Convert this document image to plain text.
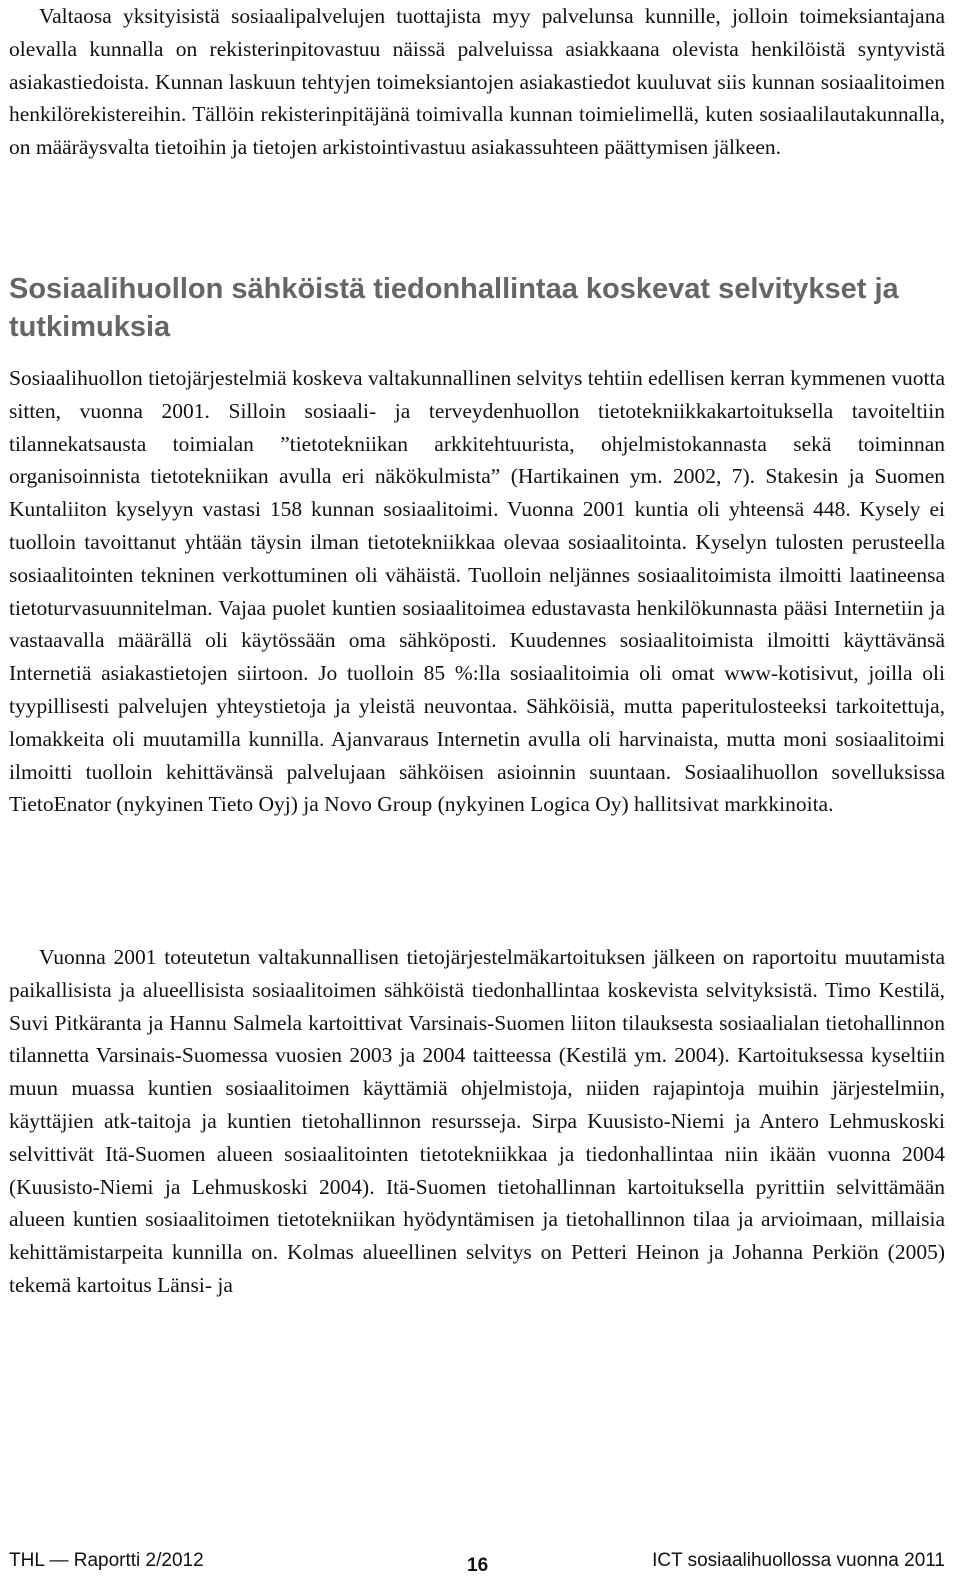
Valtaosa yksityisistä sosiaalipalvelujen tuottajista myy palvelunsa kunnille, jolloin toimeksiantajana olevalla kunnalla on rekisterinpitovastuu näissä palveluissa asiakkaana olevista henkilöistä syntyvistä asiakastiedoista. Kunnan laskuun tehtyjen toimeksiantojen asiakastiedot kuuluvat siis kunnan sosiaalitoimen henkilörekistereihin. Tällöin rekisterinpitäjänä toimivalla kunnan toimielimellä, kuten sosiaalilautakunnalla, on määräysvalta tietoihin ja tietojen arkistointivastuu asiakassuhteen päättymisen jälkeen.

Sosiaalihuollon sähköistä tiedonhallintaa koskevat selvitykset ja tutkimuksia

Sosiaalihuollon tietojärjestelmiä koskeva valtakunnallinen selvitys tehtiin edellisen kerran kymmenen vuotta sitten, vuonna 2001. Silloin sosiaali- ja terveydenhuollon tietotekniikkakartoituksella tavoiteltiin tilannekatsausta toimialan ”tietotekniikan arkkitehtuurista, ohjelmistokannasta sekä toiminnan organisoinnista tietotekniikan avulla eri näkökulmista” (Hartikainen ym. 2002, 7). Stakesin ja Suomen Kuntaliiton kyselyyn vastasi 158 kunnan sosiaalitoimi. Vuonna 2001 kuntia oli yhteensä 448. Kysely ei tuolloin tavoittanut yhtään täysin ilman tietotekniikkaa olevaa sosiaalitointa. Kyselyn tulosten perusteella sosiaalitointen tekninen verkottuminen oli vähäistä. Tuolloin neljännes sosiaalitoimista ilmoitti laatineensa tietoturvasuunnitelman. Vajaa puolet kuntien sosiaalitoimea edustavasta henkilökunnasta pääsi Internetiin ja vastaavalla määrällä oli käytössään oma sähköposti. Kuudennes sosiaalitoimista ilmoitti käyttävänsä Internetiä asiakastietojen siirtoon. Jo tuolloin 85 %:lla sosiaalitoimia oli omat www-kotisivut, joilla oli tyypillisesti palvelujen yhteystietoja ja yleistä neuvontaa. Sähköisiä, mutta paperitulosteeksi tarkoitettuja, lomakkeita oli muutamilla kunnilla. Ajanvaraus Internetin avulla oli harvinaista, mutta moni sosiaalitoimi ilmoitti tuolloin kehittävänsä palvelujaan sähköisen asioinnin suuntaan. Sosiaalihuollon sovelluksissa TietoEnator (nykyinen Tieto Oyj) ja Novo Group (nykyinen Logica Oy) hallitsivat markkinoita.

Vuonna 2001 toteutetun valtakunnallisen tietojärjestelmäkartoituksen jälkeen on raportoitu muutamista paikallisista ja alueellisista sosiaalitoimen sähköistä tiedonhallintaa koskevista selvityksistä. Timo Kestilä, Suvi Pitkäranta ja Hannu Salmela kartoittivat Varsinais-Suomen liiton tilauksesta sosiaalialan tietohallinnon tilannetta Varsinais-Suomessa vuosien 2003 ja 2004 taitteessa (Kestilä ym. 2004). Kartoituksessa kyseltiin muun muassa kuntien sosiaalitoimen käyttämiä ohjelmistoja, niiden rajapintoja muihin järjestelmiin, käyttäjien atk-taitoja ja kuntien tietohallinnon resursseja. Sirpa Kuusisto-Niemi ja Antero Lehmuskoski selvittivät Itä-Suomen alueen sosiaalitointen tietotekniikkaa ja tiedonhallintaa niin ikään vuonna 2004 (Kuusisto-Niemi ja Lehmuskoski 2004). Itä-Suomen tietohallinnan kartoituksella pyrittiin selvittämään alueen kuntien sosiaalitoimen tietotekniikan hyödyntämisen ja tietohallinnon tilaa ja arvioimaan, millaisia kehittämistarpeita kunnilla on. Kolmas alueellinen selvitys on Petteri Heinon ja Johanna Perkiön (2005) tekemä kartoitus Länsi- ja

THL — Raportti 2/2012	16	ICT sosiaalihuollossa vuonna 2011
